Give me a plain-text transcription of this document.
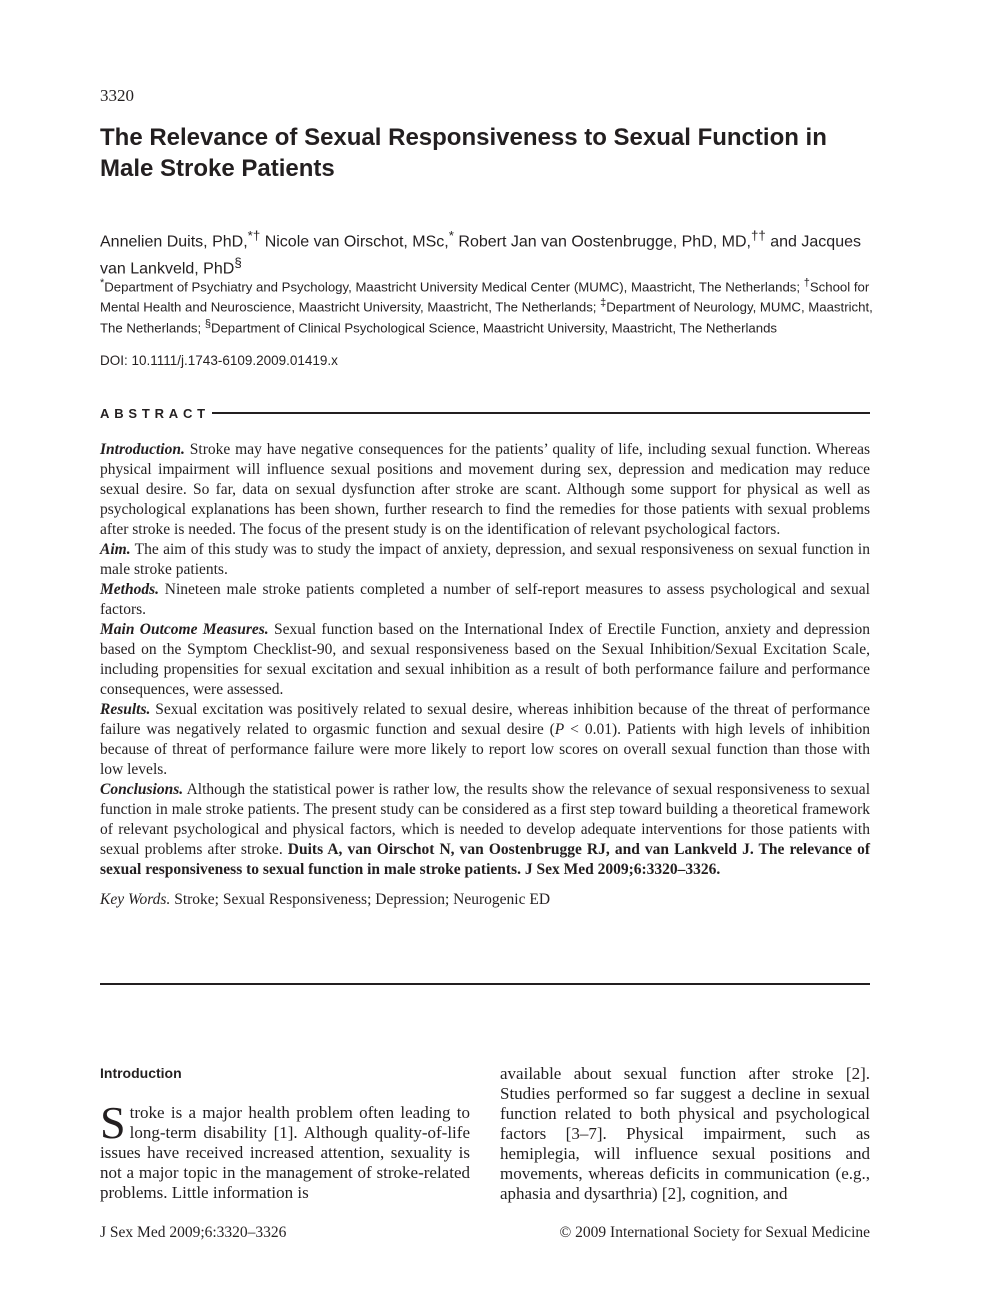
3320
The Relevance of Sexual Responsiveness to Sexual Function in Male Stroke Patients
Annelien Duits, PhD,*† Nicole van Oirschot, MSc,* Robert Jan van Oostenbrugge, PhD, MD,†† and Jacques van Lankveld, PhD§
*Department of Psychiatry and Psychology, Maastricht University Medical Center (MUMC), Maastricht, The Netherlands; †School for Mental Health and Neuroscience, Maastricht University, Maastricht, The Netherlands; ‡Department of Neurology, MUMC, Maastricht, The Netherlands; §Department of Clinical Psychological Science, Maastricht University, Maastricht, The Netherlands
DOI: 10.1111/j.1743-6109.2009.01419.x
ABSTRACT

Introduction. Stroke may have negative consequences for the patients’ quality of life, including sexual function. Whereas physical impairment will influence sexual positions and movement during sex, depression and medication may reduce sexual desire. So far, data on sexual dysfunction after stroke are scant. Although some support for physical as well as psychological explanations has been shown, further research to find the remedies for those patients with sexual problems after stroke is needed. The focus of the present study is on the identification of relevant psychological factors.

Aim. The aim of this study was to study the impact of anxiety, depression, and sexual responsiveness on sexual function in male stroke patients.

Methods. Nineteen male stroke patients completed a number of self-report measures to assess psychological and sexual factors.

Main Outcome Measures. Sexual function based on the International Index of Erectile Function, anxiety and depression based on the Symptom Checklist-90, and sexual responsiveness based on the Sexual Inhibition/Sexual Excitation Scale, including propensities for sexual excitation and sexual inhibition as a result of both performance failure and performance consequences, were assessed.

Results. Sexual excitation was positively related to sexual desire, whereas inhibition because of the threat of performance failure was negatively related to orgasmic function and sexual desire (P < 0.01). Patients with high levels of inhibition because of threat of performance failure were more likely to report low scores on overall sexual function than those with low levels.

Conclusions. Although the statistical power is rather low, the results show the relevance of sexual responsiveness to sexual function in male stroke patients. The present study can be considered as a first step toward building a theoretical framework of relevant psychological and physical factors, which is needed to develop adequate interventions for those patients with sexual problems after stroke. Duits A, van Oirschot N, van Oostenbrugge RJ, and van Lankveld J. The relevance of sexual responsiveness to sexual function in male stroke patients. J Sex Med 2009;6:3320–3326.

Key Words. Stroke; Sexual Responsiveness; Depression; Neurogenic ED

Introduction

Stroke is a major health problem often leading to long-term disability [1]. Although quality-of-life issues have received increased attention, sexuality is not a major topic in the management of stroke-related problems. Little information is

available about sexual function after stroke [2]. Studies performed so far suggest a decline in sexual function related to both physical and psychological factors [3–7]. Physical impairment, such as hemiplegia, will influence sexual positions and movements, whereas deficits in communication (e.g., aphasia and dysarthria) [2], cognition, and

J Sex Med 2009;6:3320–3326	© 2009 International Society for Sexual Medicine
